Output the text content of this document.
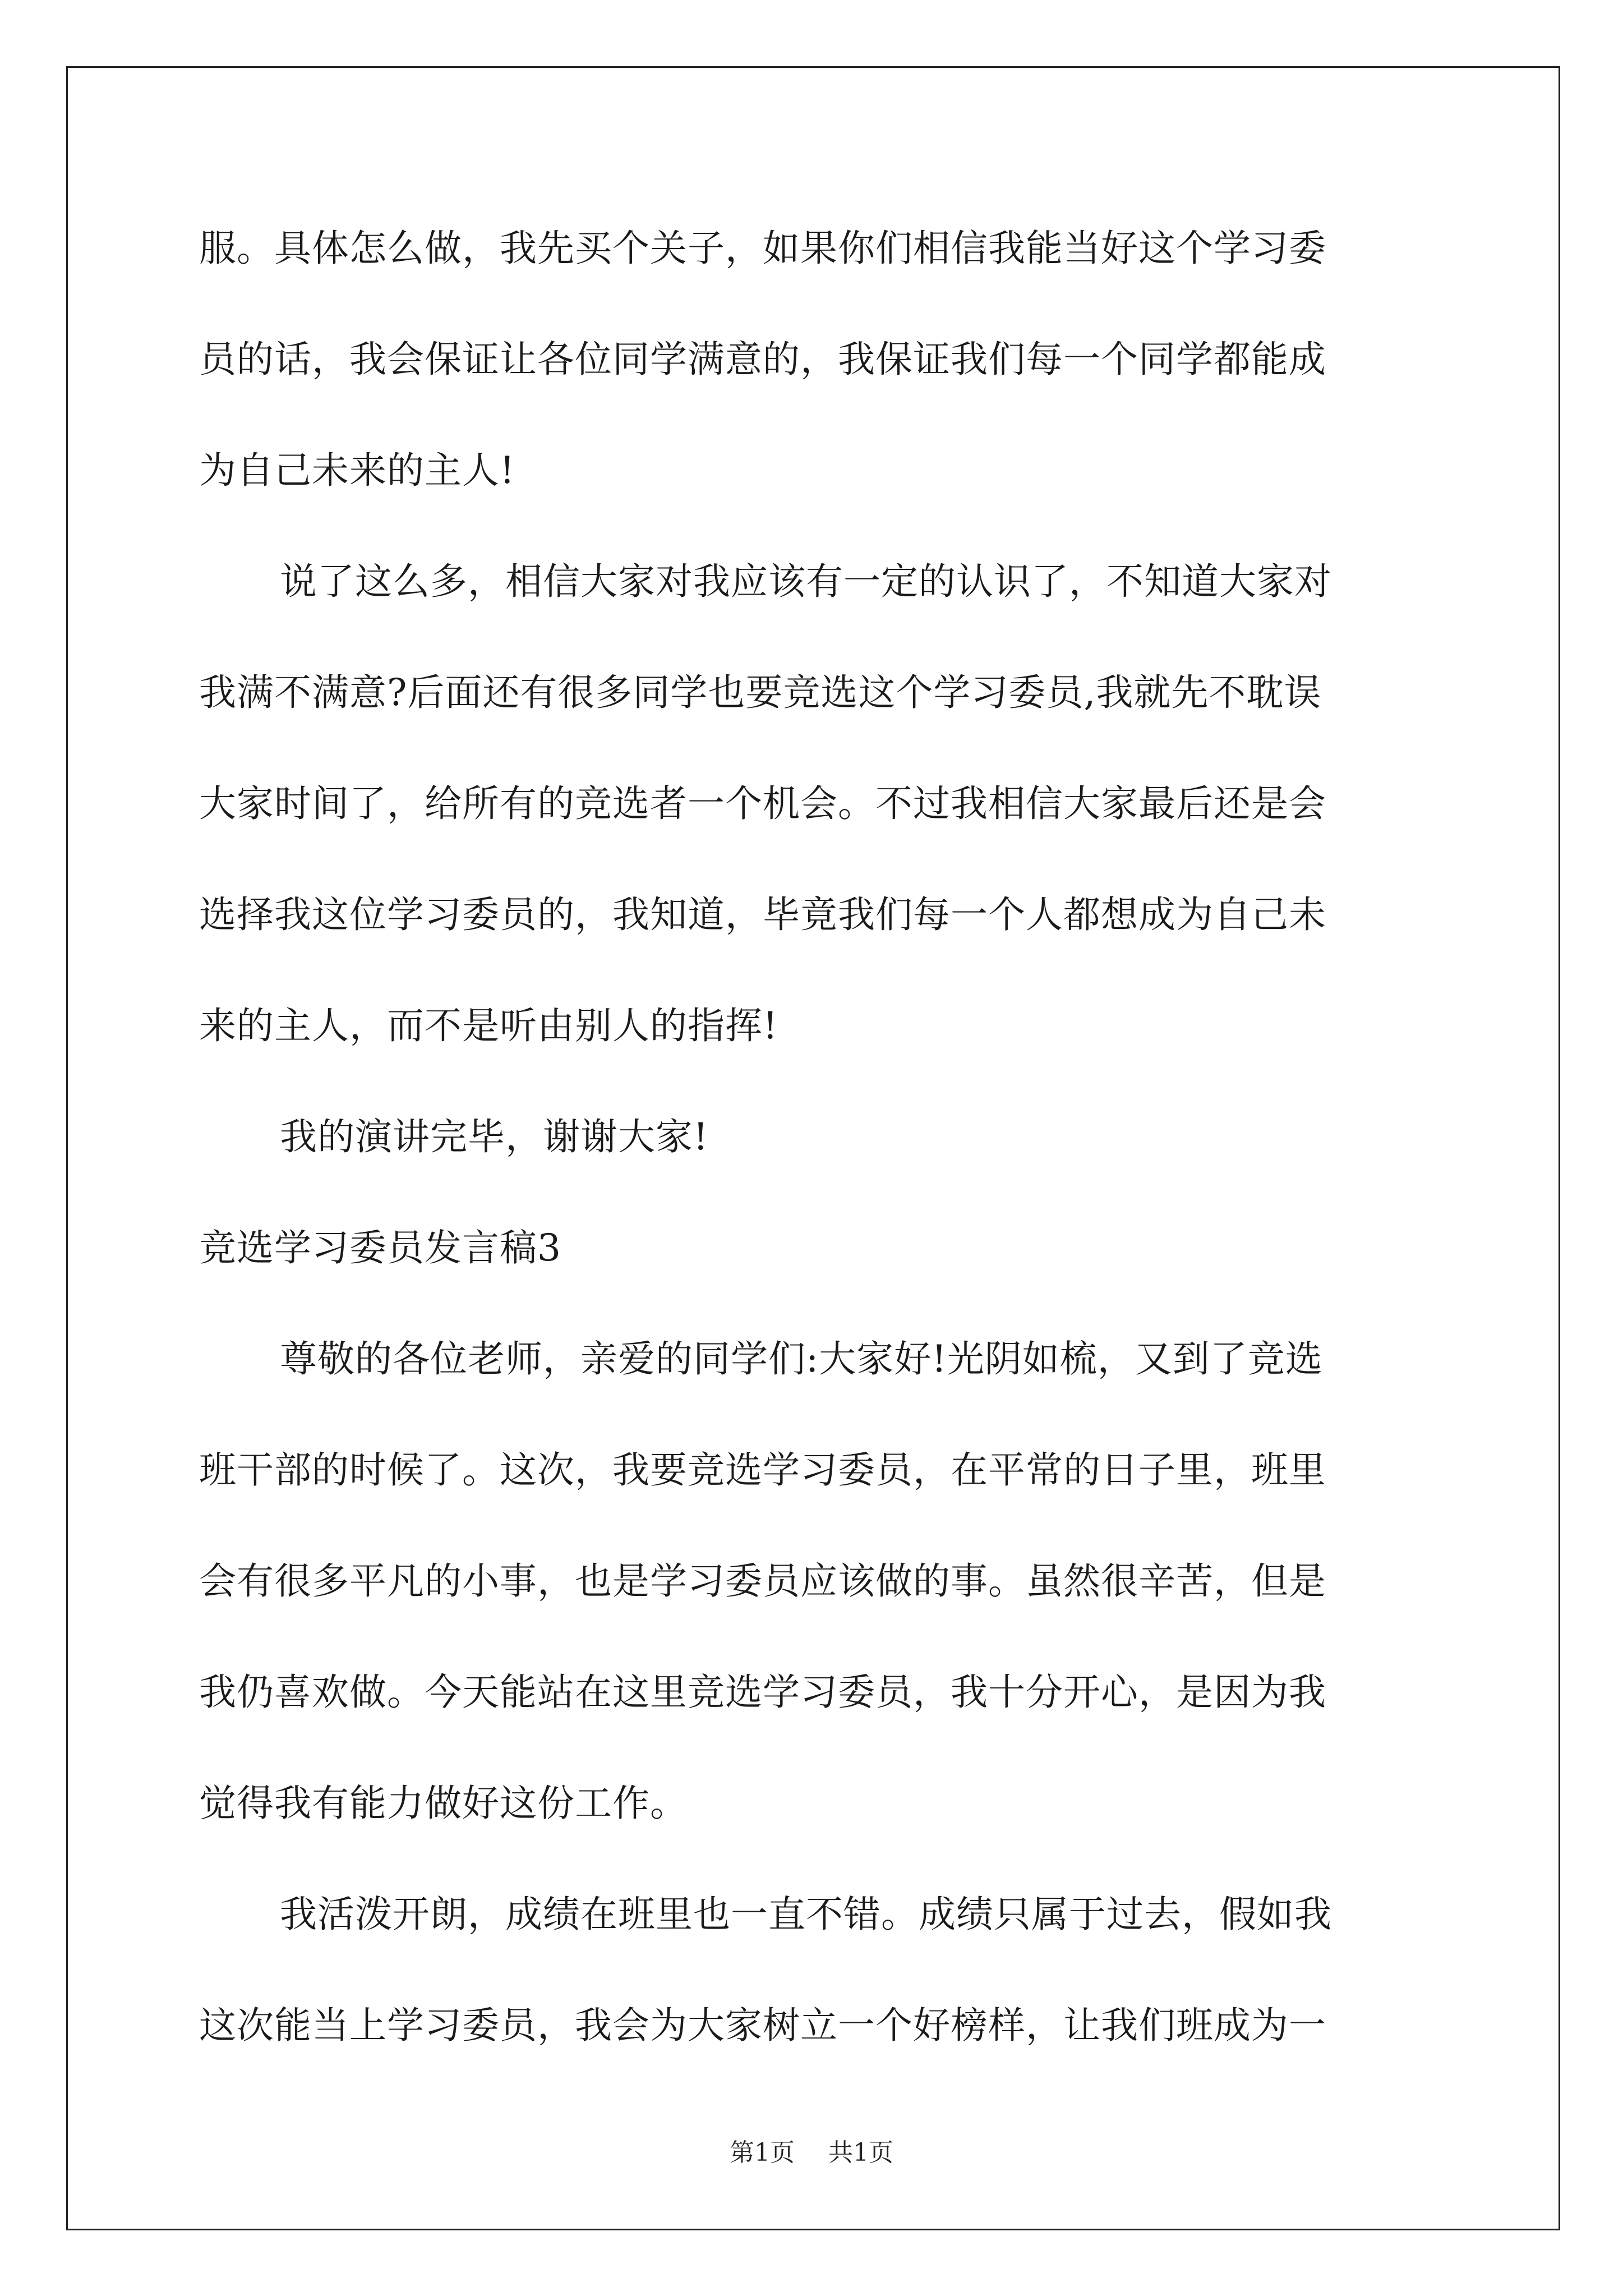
服。具体怎么做，我先买个关子，如果你们相信我能当好这个学习委
员的话，我会保证让各位同学满意的，我保证我们每一个同学都能成
为自己未来的主人!
说了这么多，相信大家对我应该有一定的认识了，不知道大家对
我满不满意?后面还有很多同学也要竞选这个学习委员,我就先不耽误
大家时间了，给所有的竞选者一个机会。不过我相信大家最后还是会
选择我这位学习委员的，我知道，毕竟我们每一个人都想成为自己未
来的主人，而不是听由别人的指挥!
我的演讲完毕，谢谢大家!
竞选学习委员发言稿3
尊敬的各位老师，亲爱的同学们:大家好!光阴如梳，又到了竞选
班干部的时候了。这次，我要竞选学习委员，在平常的日子里，班里
会有很多平凡的小事，也是学习委员应该做的事。虽然很辛苦，但是
我仍喜欢做。今天能站在这里竞选学习委员，我十分开心，是因为我
觉得我有能力做好这份工作。
我活泼开朗，成绩在班里也一直不错。成绩只属于过去，假如我
这次能当上学习委员，我会为大家树立一个好榜样，让我们班成为一
第1页 共1页
